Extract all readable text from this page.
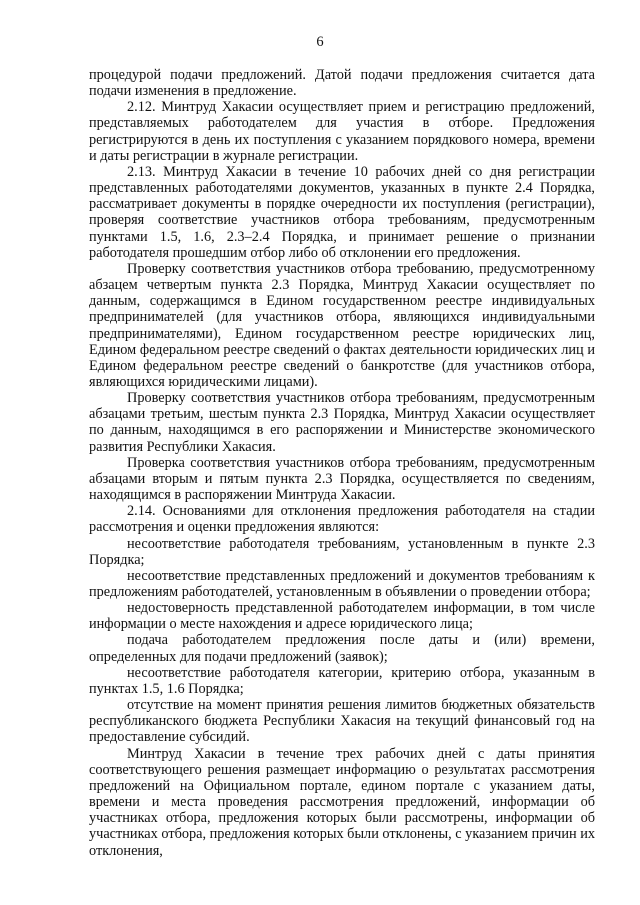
6

процедурой подачи предложений. Датой подачи предложения считается дата подачи изменения в предложение.

2.12. Минтруд Хакасии осуществляет прием и регистрацию предложений, представляемых работодателем для участия в отборе. Предложения регистрируются в день их поступления с указанием порядкового номера, времени и даты регистрации в журнале регистрации.

2.13. Минтруд Хакасии в течение 10 рабочих дней со дня регистрации представленных работодателями документов, указанных в пункте 2.4 Порядка, рассматривает документы в порядке очередности их поступления (регистрации), проверяя соответствие участников отбора требованиям, предусмотренным пунктами 1.5, 1.6, 2.3–2.4 Порядка, и принимает решение о признании работодателя прошедшим отбор либо об отклонении его предложения.

Проверку соответствия участников отбора требованию, предусмотренному абзацем четвертым пункта 2.3 Порядка, Минтруд Хакасии осуществляет по данным, содержащимся в Едином государственном реестре индивидуальных предпринимателей (для участников отбора, являющихся индивидуальными предпринимателями), Едином государственном реестре юридических лиц, Едином федеральном реестре сведений о фактах деятельности юридических лиц и Едином федеральном реестре сведений о банкротстве (для участников отбора, являющихся юридическими лицами).

Проверку соответствия участников отбора требованиям, предусмотренным абзацами третьим, шестым пункта 2.3 Порядка, Минтруд Хакасии осуществляет по данным, находящимся в его распоряжении и Министерстве экономического развития Республики Хакасия.

Проверка соответствия участников отбора требованиям, предусмотренным абзацами вторым и пятым пункта 2.3 Порядка, осуществляется по сведениям, находящимся в распоряжении Минтруда Хакасии.

2.14. Основаниями для отклонения предложения работодателя на стадии рассмотрения и оценки предложения являются:

несоответствие работодателя требованиям, установленным в пункте 2.3 Порядка;

несоответствие представленных предложений и документов требованиям к предложениям работодателей, установленным в объявлении о проведении отбора;

недостоверность представленной работодателем информации, в том числе информации о месте нахождения и адресе юридического лица;

подача работодателем предложения после даты и (или) времени, определенных для подачи предложений (заявок);

несоответствие работодателя категории, критерию отбора, указанным в пунктах 1.5, 1.6 Порядка;

отсутствие на момент принятия решения лимитов бюджетных обязательств республиканского бюджета Республики Хакасия на текущий финансовый год на предоставление субсидий.

Минтруд Хакасии в течение трех рабочих дней с даты принятия соответствующего решения размещает информацию о результатах рассмотрения предложений на Официальном портале, едином портале с указанием даты, времени и места проведения рассмотрения предложений, информации об участниках отбора, предложения которых были рассмотрены, информации об участниках отбора, предложения которых были отклонены, с указанием причин их отклонения,
